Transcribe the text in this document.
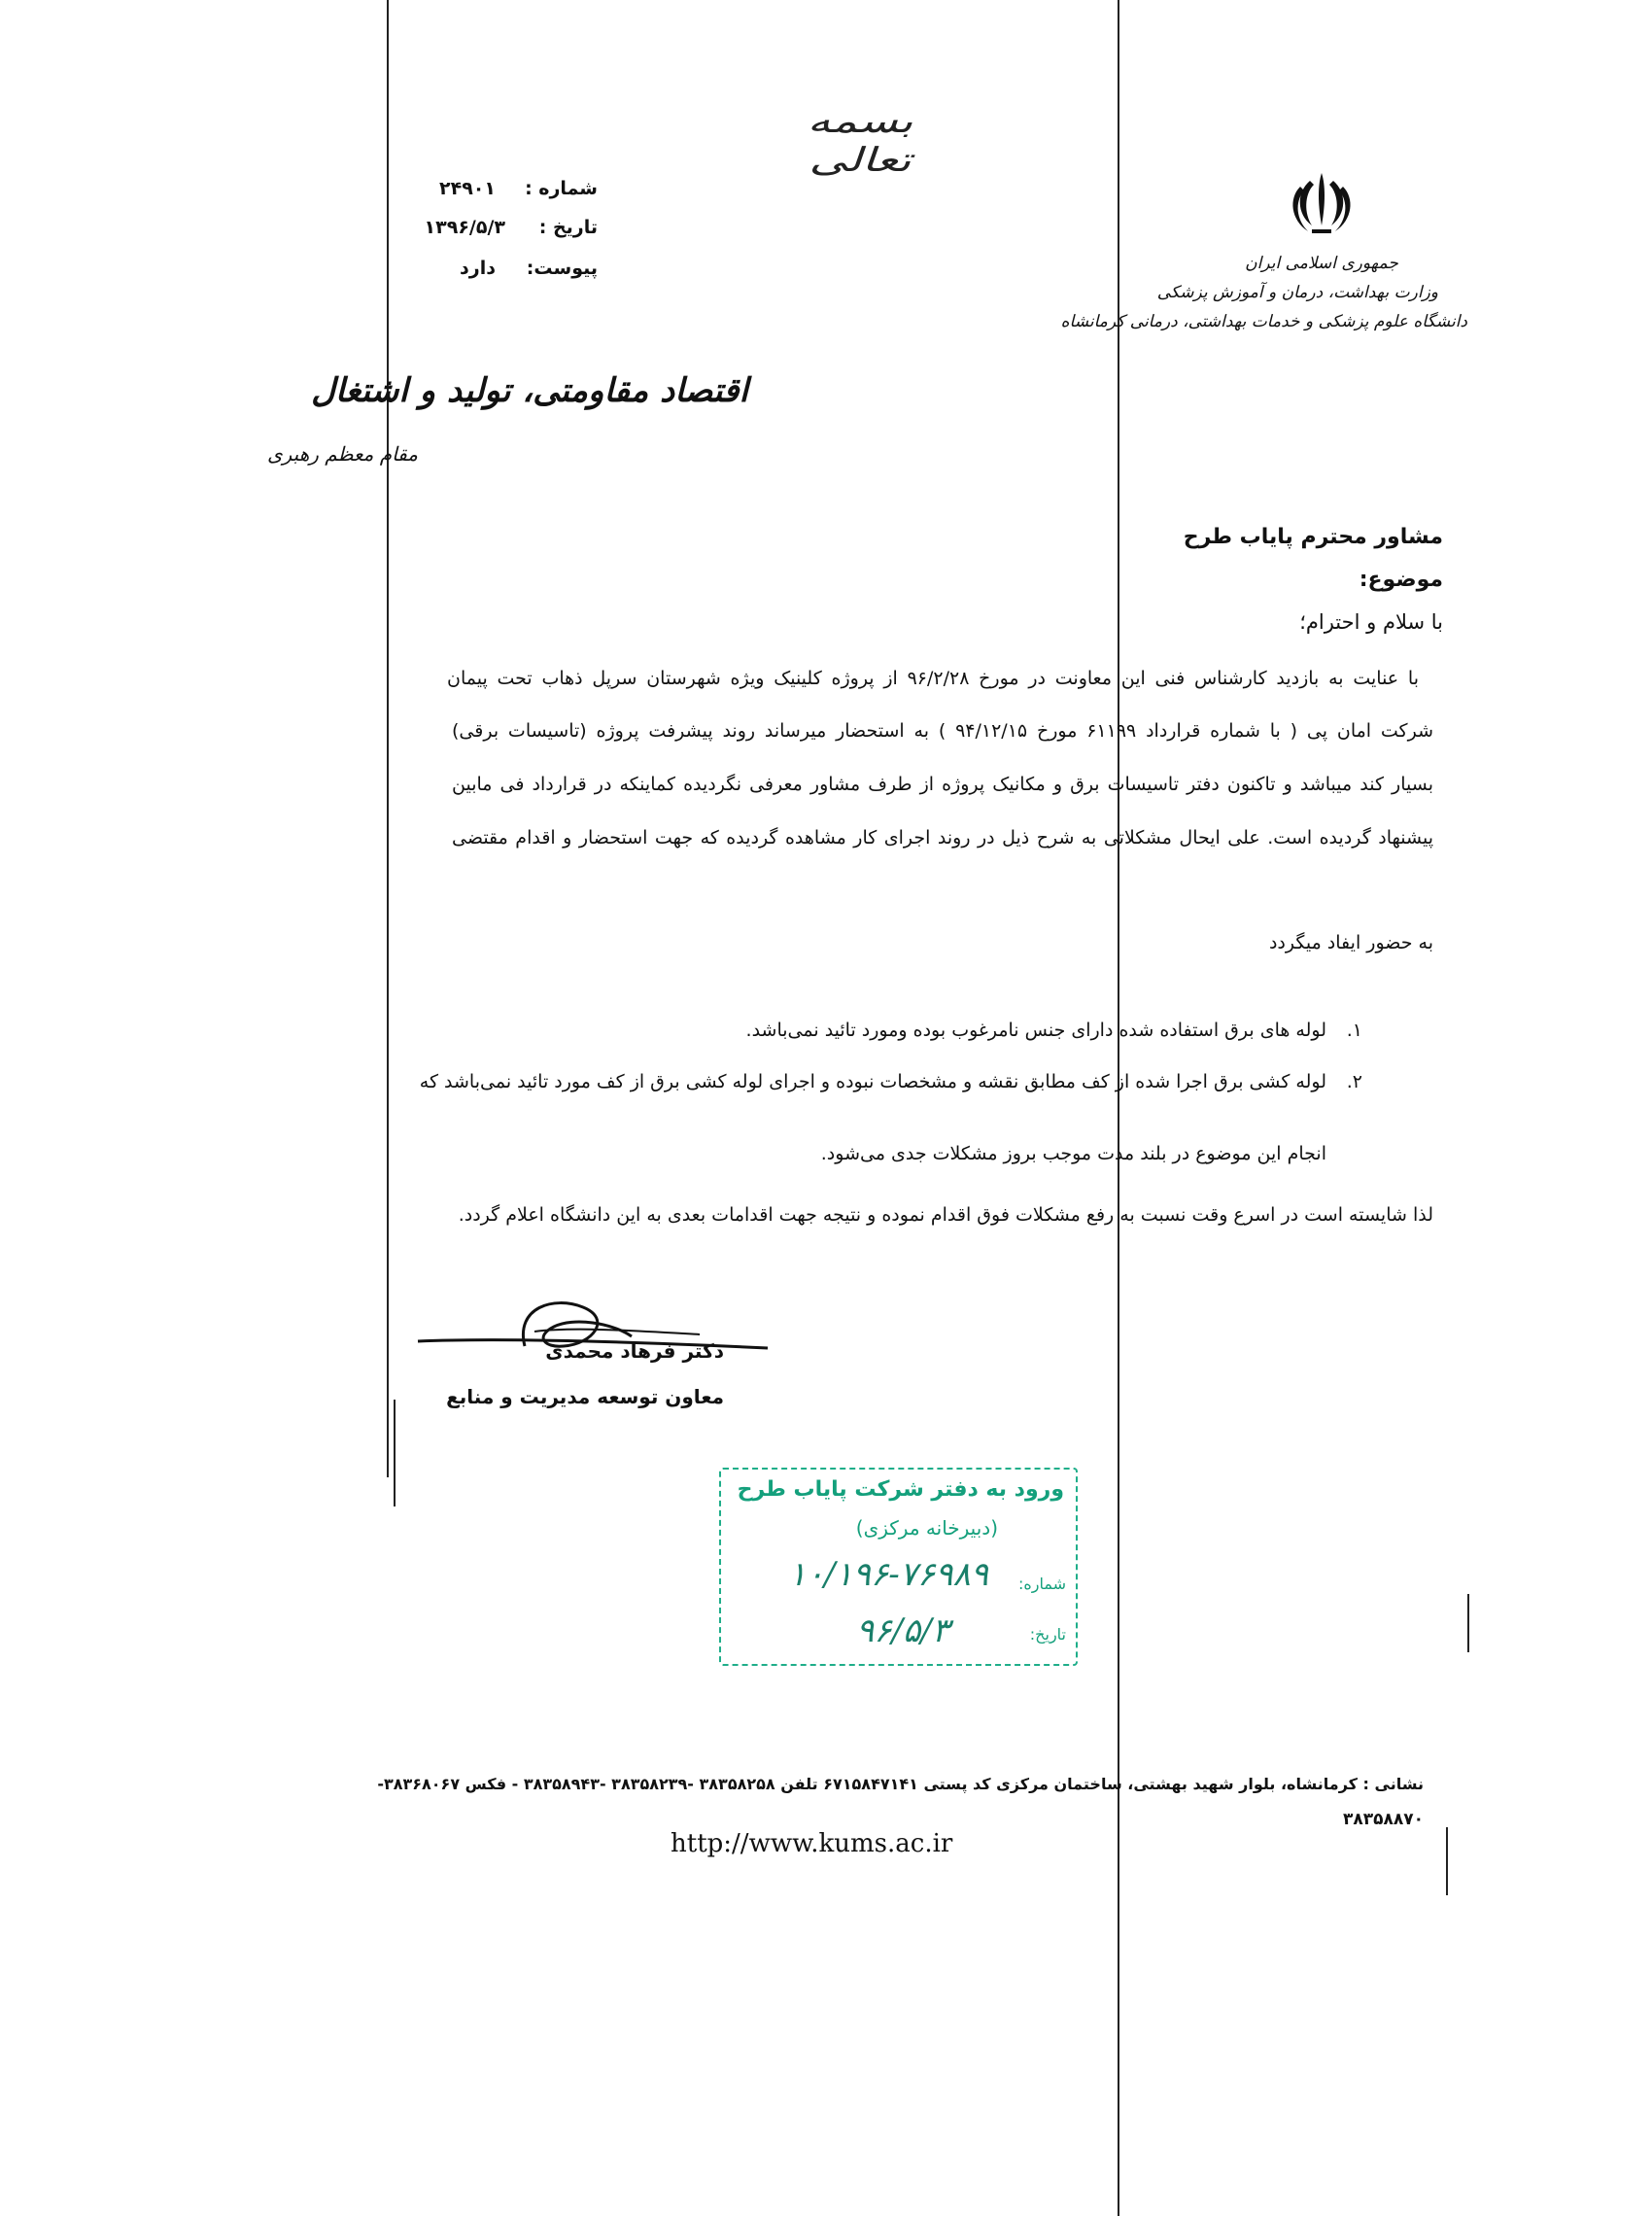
بسمه تعالی
جمهوری اسلامی ایران
وزارت بهداشت، درمان و آموزش پزشکی
دانشگاه علوم پزشکی و خدمات بهداشتی، درمانی کرمانشاه
شماره :
۲۴۹۰۱
تاریخ :
۱۳۹۶/۵/۳
پیوست:
دارد
اقتصاد مقاومتی، تولید و اشتغال
مقام معظم رهبری
مشاور محترم پایاب طرح
موضوع:
با سلام و احترام؛
با عنایت به بازدید کارشناس فنی این معاونت در مورخ ۹۶/۲/۲۸ از پروژه کلینیک ویژه شهرستان سرپل ذهاب تحت پیمان
شرکت امان پی ( با شماره قرارداد ۶۱۱۹۹ مورخ ۹۴/۱۲/۱۵ ) به استحضار میرساند روند پیشرفت پروژه (تاسیسات برقی)
بسیار کند میباشد و تاکنون دفتر تاسیسات برق و مکانیک پروژه از طرف مشاور معرفی نگردیده کماینکه در قرارداد فی مابین
پیشنهاد گردیده است. علی ایحال مشکلاتی به شرح ذیل در روند اجرای کار مشاهده گردیده که جهت استحضار و اقدام مقتضی
به حضور ایفاد میگردد
۱.
لوله های برق استفاده شده دارای جنس نامرغوب بوده ومورد تائید نمی‌باشد.
۲.
لوله کشی برق اجرا شده از کف مطابق نقشه و مشخصات نبوده و اجرای لوله کشی برق از کف مورد تائید نمی‌باشد که
انجام این موضوع در بلند مدت موجب بروز مشکلات جدی می‌شود.
لذا شایسته است در اسرع وقت نسبت به رفع مشکلات فوق اقدام نموده و نتیجه جهت اقدامات بعدی به این دانشگاه اعلام گردد.
دکتر فرهاد محمدی
معاون توسعه مدیریت و منابع
ورود به دفتر شرکت پایاب طرح
(دبیرخانه مرکزی)
شماره:
۱۰/۱۹۶-۷۶۹۸۹
تاریخ:
۹۶/۵/۳
نشانی : کرمانشاه، بلوار شهید بهشتی، ساختمان مرکزی کد پستی ۶۷۱۵۸۴۷۱۴۱ تلفن ۳۸۳۵۸۲۵۸ -۳۸۳۵۸۲۳۹ -۳۸۳۵۸۹۴۳ - فکس ۳۸۳۶۸۰۶۷-
۳۸۳۵۸۸۷۰
http://www.kums.ac.ir
